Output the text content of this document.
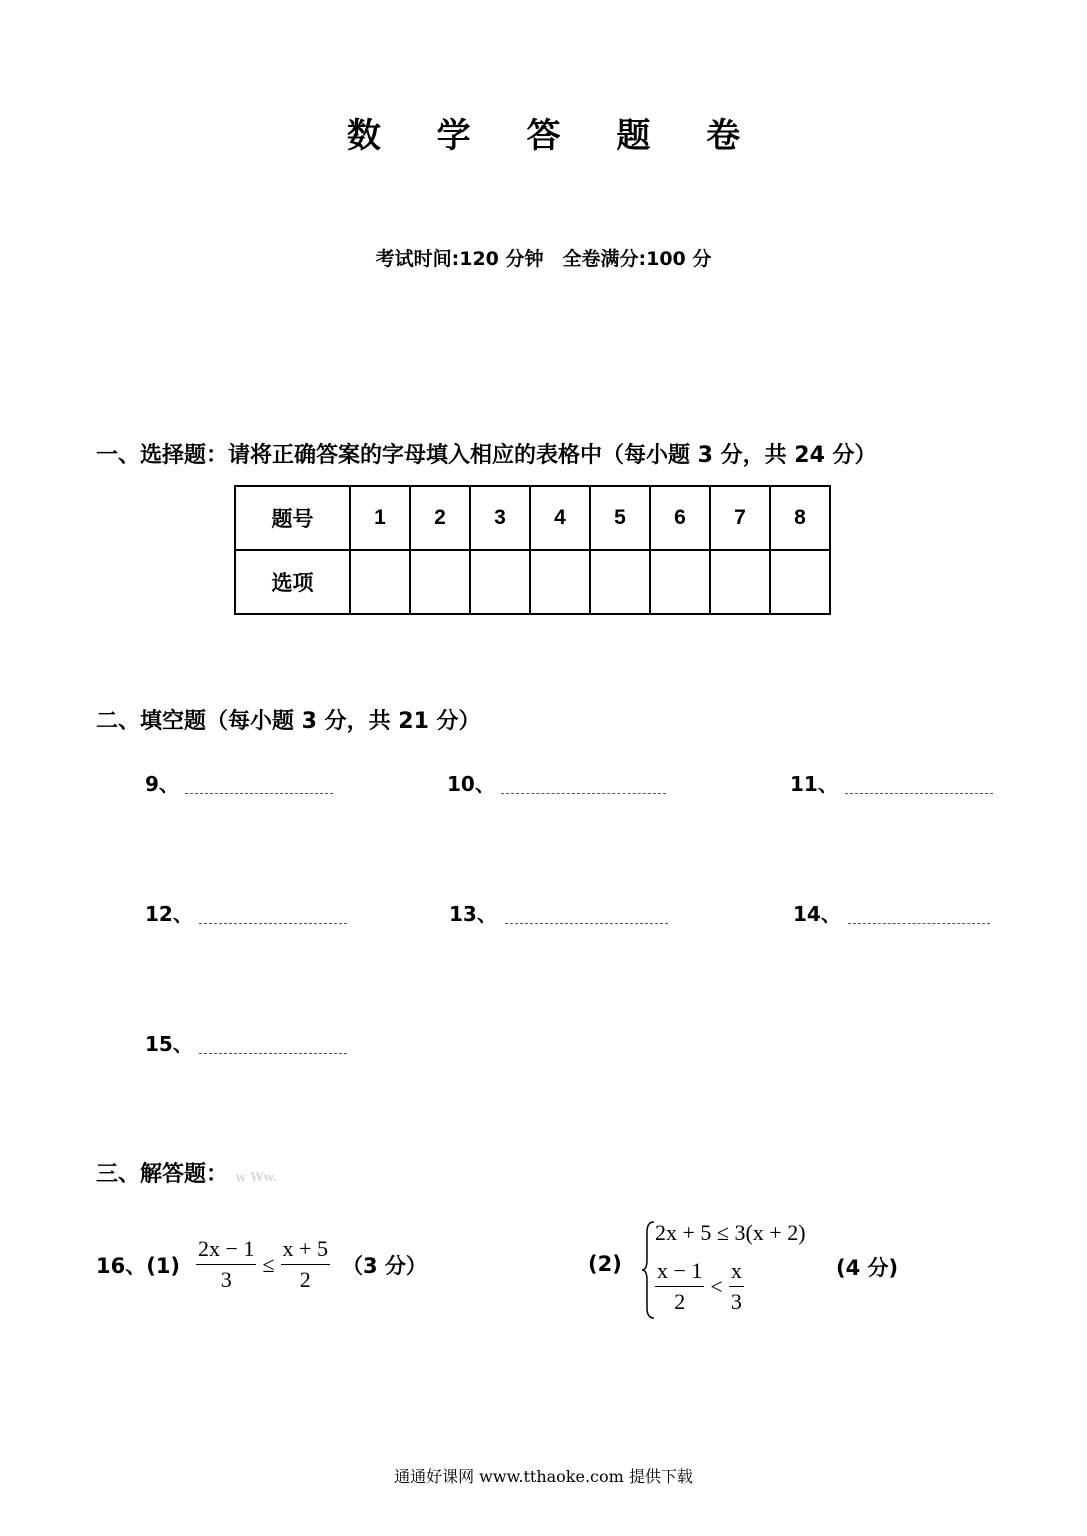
数 学 答 题 卷
考试时间:120 分钟　全卷满分:100 分
一、选择题：请将正确答案的字母填入相应的表格中（每小题 3 分，共 24 分）
题号	1	2	3	4	5	6	7	8
选项								
二、填空题（每小题 3 分，共 21 分）
9、	10、	11、
12、	13、	14、
15、
三、解答题： w Ww.
16、$(1) \frac{2x - 1}{3} \le \frac{x + 5}{2} (3$ 分）	(2)
2x + 5 ≤ 3(x + 2)
$\frac{x - 1}{2} < \frac{x}{3}$	(4 分)
通通好课网 www.tthaoke.com 提供下载
